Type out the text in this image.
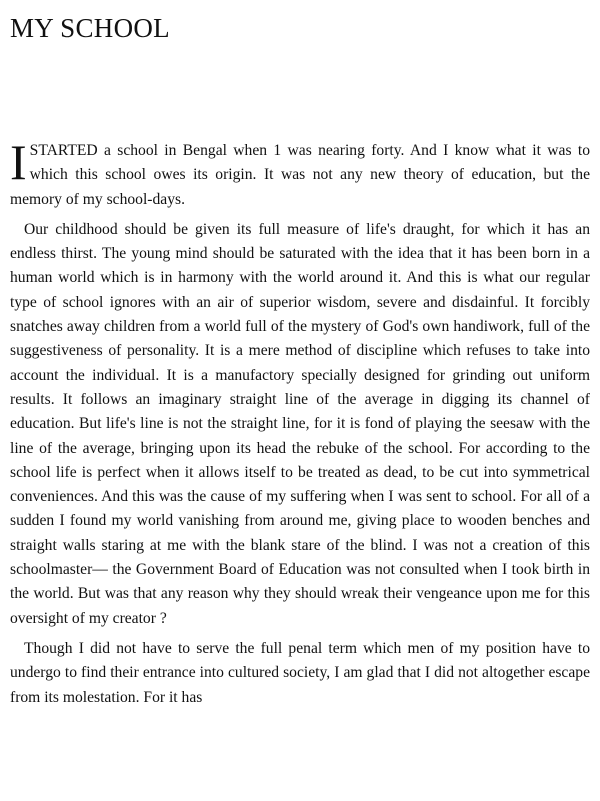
MY SCHOOL

ISTARTED a school in Bengal when 1 was nearing forty. And I know what it was to which this school owes its origin. It was not any new theory of education, but the memory of my school-days.

Our childhood should be given its full measure of life's draught, for which it has an endless thirst. The young mind should be saturated with the idea that it has been born in a human world which is in harmony with the world around it. And this is what our regular type of school ignores with an air of superior wisdom, severe and disdainful. It forcibly snatches away children from a world full of the mystery of God's own handiwork, full of the suggestiveness of personality. It is a mere method of discipline which refuses to take into account the individual. It is a manufactory specially designed for grinding out uniform results. It follows an imaginary straight line of the average in digging its channel of education. But life's line is not the straight line, for it is fond of playing the seesaw with the line of the average, bringing upon its head the rebuke of the school. For according to the school life is perfect when it allows itself to be treated as dead, to be cut into symmetrical conveniences. And this was the cause of my suffering when I was sent to school. For all of a sudden I found my world vanishing from around me, giving place to wooden benches and straight walls staring at me with the blank stare of the blind. I was not a creation of this schoolmaster— the Government Board of Education was not consulted when I took birth in the world. But was that any reason why they should wreak their vengeance upon me for this oversight of my creator ?

Though I did not have to serve the full penal term which men of my position have to undergo to find their entrance into cultured society, I am glad that I did not altogether escape from its molestation. For it has
